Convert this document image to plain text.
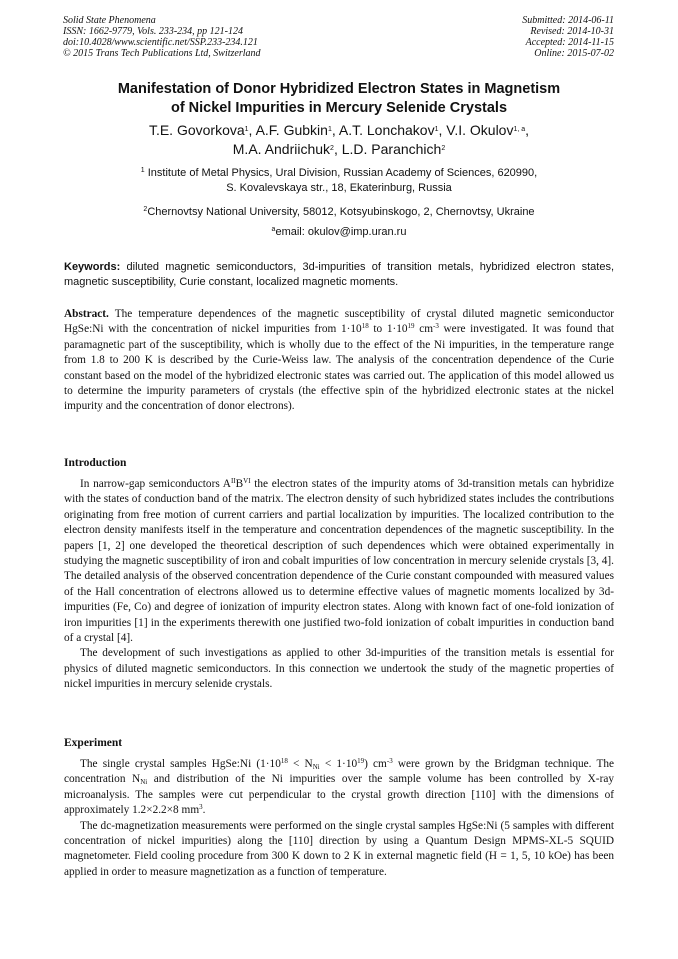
Solid State Phenomena
ISSN: 1662-9779, Vols. 233-234, pp 121-124
doi:10.4028/www.scientific.net/SSP.233-234.121
© 2015 Trans Tech Publications Ltd, Switzerland
Submitted: 2014-06-11
Revised: 2014-10-31
Accepted: 2014-11-15
Online: 2015-07-02
Manifestation of Donor Hybridized Electron States in Magnetism
of Nickel Impurities in Mercury Selenide Crystals
T.E. Govorkova$^1$, A.F. Gubkin$^1$, A.T. Lonchakov$^1$, V.I. Okulov$^{1, a}$,
M.A. Andriichuk$^2$, L.D. Paranchich$^2$
$^1$ Institute of Metal Physics, Ural Division, Russian Academy of Sciences, 620990,
S. Kovalevskaya str., 18, Ekaterinburg, Russia
$^2$Chernovtsy National University, 58012, Kotsyubinskogo, 2, Chernovtsy, Ukraine
$^a$email: okulov@imp.uran.ru
Keywords: diluted magnetic semiconductors, 3d-impurities of transition metals, hybridized electron states, magnetic susceptibility, Curie constant, localized magnetic moments.
Abstract. The temperature dependences of the magnetic susceptibility of crystal diluted magnetic semiconductor HgSe:Ni with the concentration of nickel impurities from $1\cdot 10^{18}$ to $1\cdot 10^{19}$ $cm^{-3}$ were investigated. It was found that paramagnetic part of the susceptibility, which is wholly due to the effect of the Ni impurities, in the temperature range from 1.8 to 200 K is described by the Curie-Weiss law. The analysis of the concentration dependence of the Curie constant based on the model of the hybridized electronic states was carried out. The application of this model allowed us to determine the impurity parameters of crystals (the effective spin of the hybridized electronic states at the nickel impurity and the concentration of donor electrons).
Introduction

In narrow-gap semiconductors $A^{II}B^{VI}$ the electron states of the impurity atoms of 3d-transition metals can hybridize with the states of conduction band of the matrix. The electron density of such hybridized states includes the contributions originating from free motion of current carriers and partial localization by impurities. The localized contribution to the electron density manifests itself in the temperature and concentration dependences of the magnetic susceptibility. In the papers [1, 2] one developed the theoretical description of such dependences which were obtained experimentally in studying the magnetic susceptibility of iron and cobalt impurities of low concentration in mercury selenide crystals [3, 4]. The detailed analysis of the observed concentration dependence of the Curie constant compounded with measured values of the Hall concentration of electrons allowed us to determine effective values of magnetic moments localized by 3d-impurities (Fe, Co) and degree of ionization of impurity electron states. Along with known fact of one-fold ionization of iron impurities [1] in the experiments therewith one justified two-fold ionization of cobalt impurities in conduction band of a crystal [4].

The development of such investigations as applied to other 3d-impurities of the transition metals is essential for physics of diluted magnetic semiconductors. In this connection we undertook the study of the magnetic properties of nickel impurities in mercury selenide crystals.

Experiment

The single crystal samples HgSe:Ni $(1\cdot 10^{18} < N_{Ni} < 1\cdot 10^{19})$ $cm^{-3}$ were grown by the Bridgman technique. The concentration $N_{Ni}$ and distribution of the Ni impurities over the sample volume has been controlled by X-ray microanalysis. The samples were cut perpendicular to the crystal growth direction [110] with the dimensions of approximately 1.2×2.2×8 $mm^3$.

The dc-magnetization measurements were performed on the single crystal samples HgSe:Ni (5 samples with different concentration of nickel impurities) along the [110] direction by using a Quantum Design MPMS-XL-5 SQUID magnetometer. Field cooling procedure from 300 K down to 2 K in external magnetic field (H = 1, 5, 10 kOe) has been applied in order to measure magnetization as a function of temperature.
